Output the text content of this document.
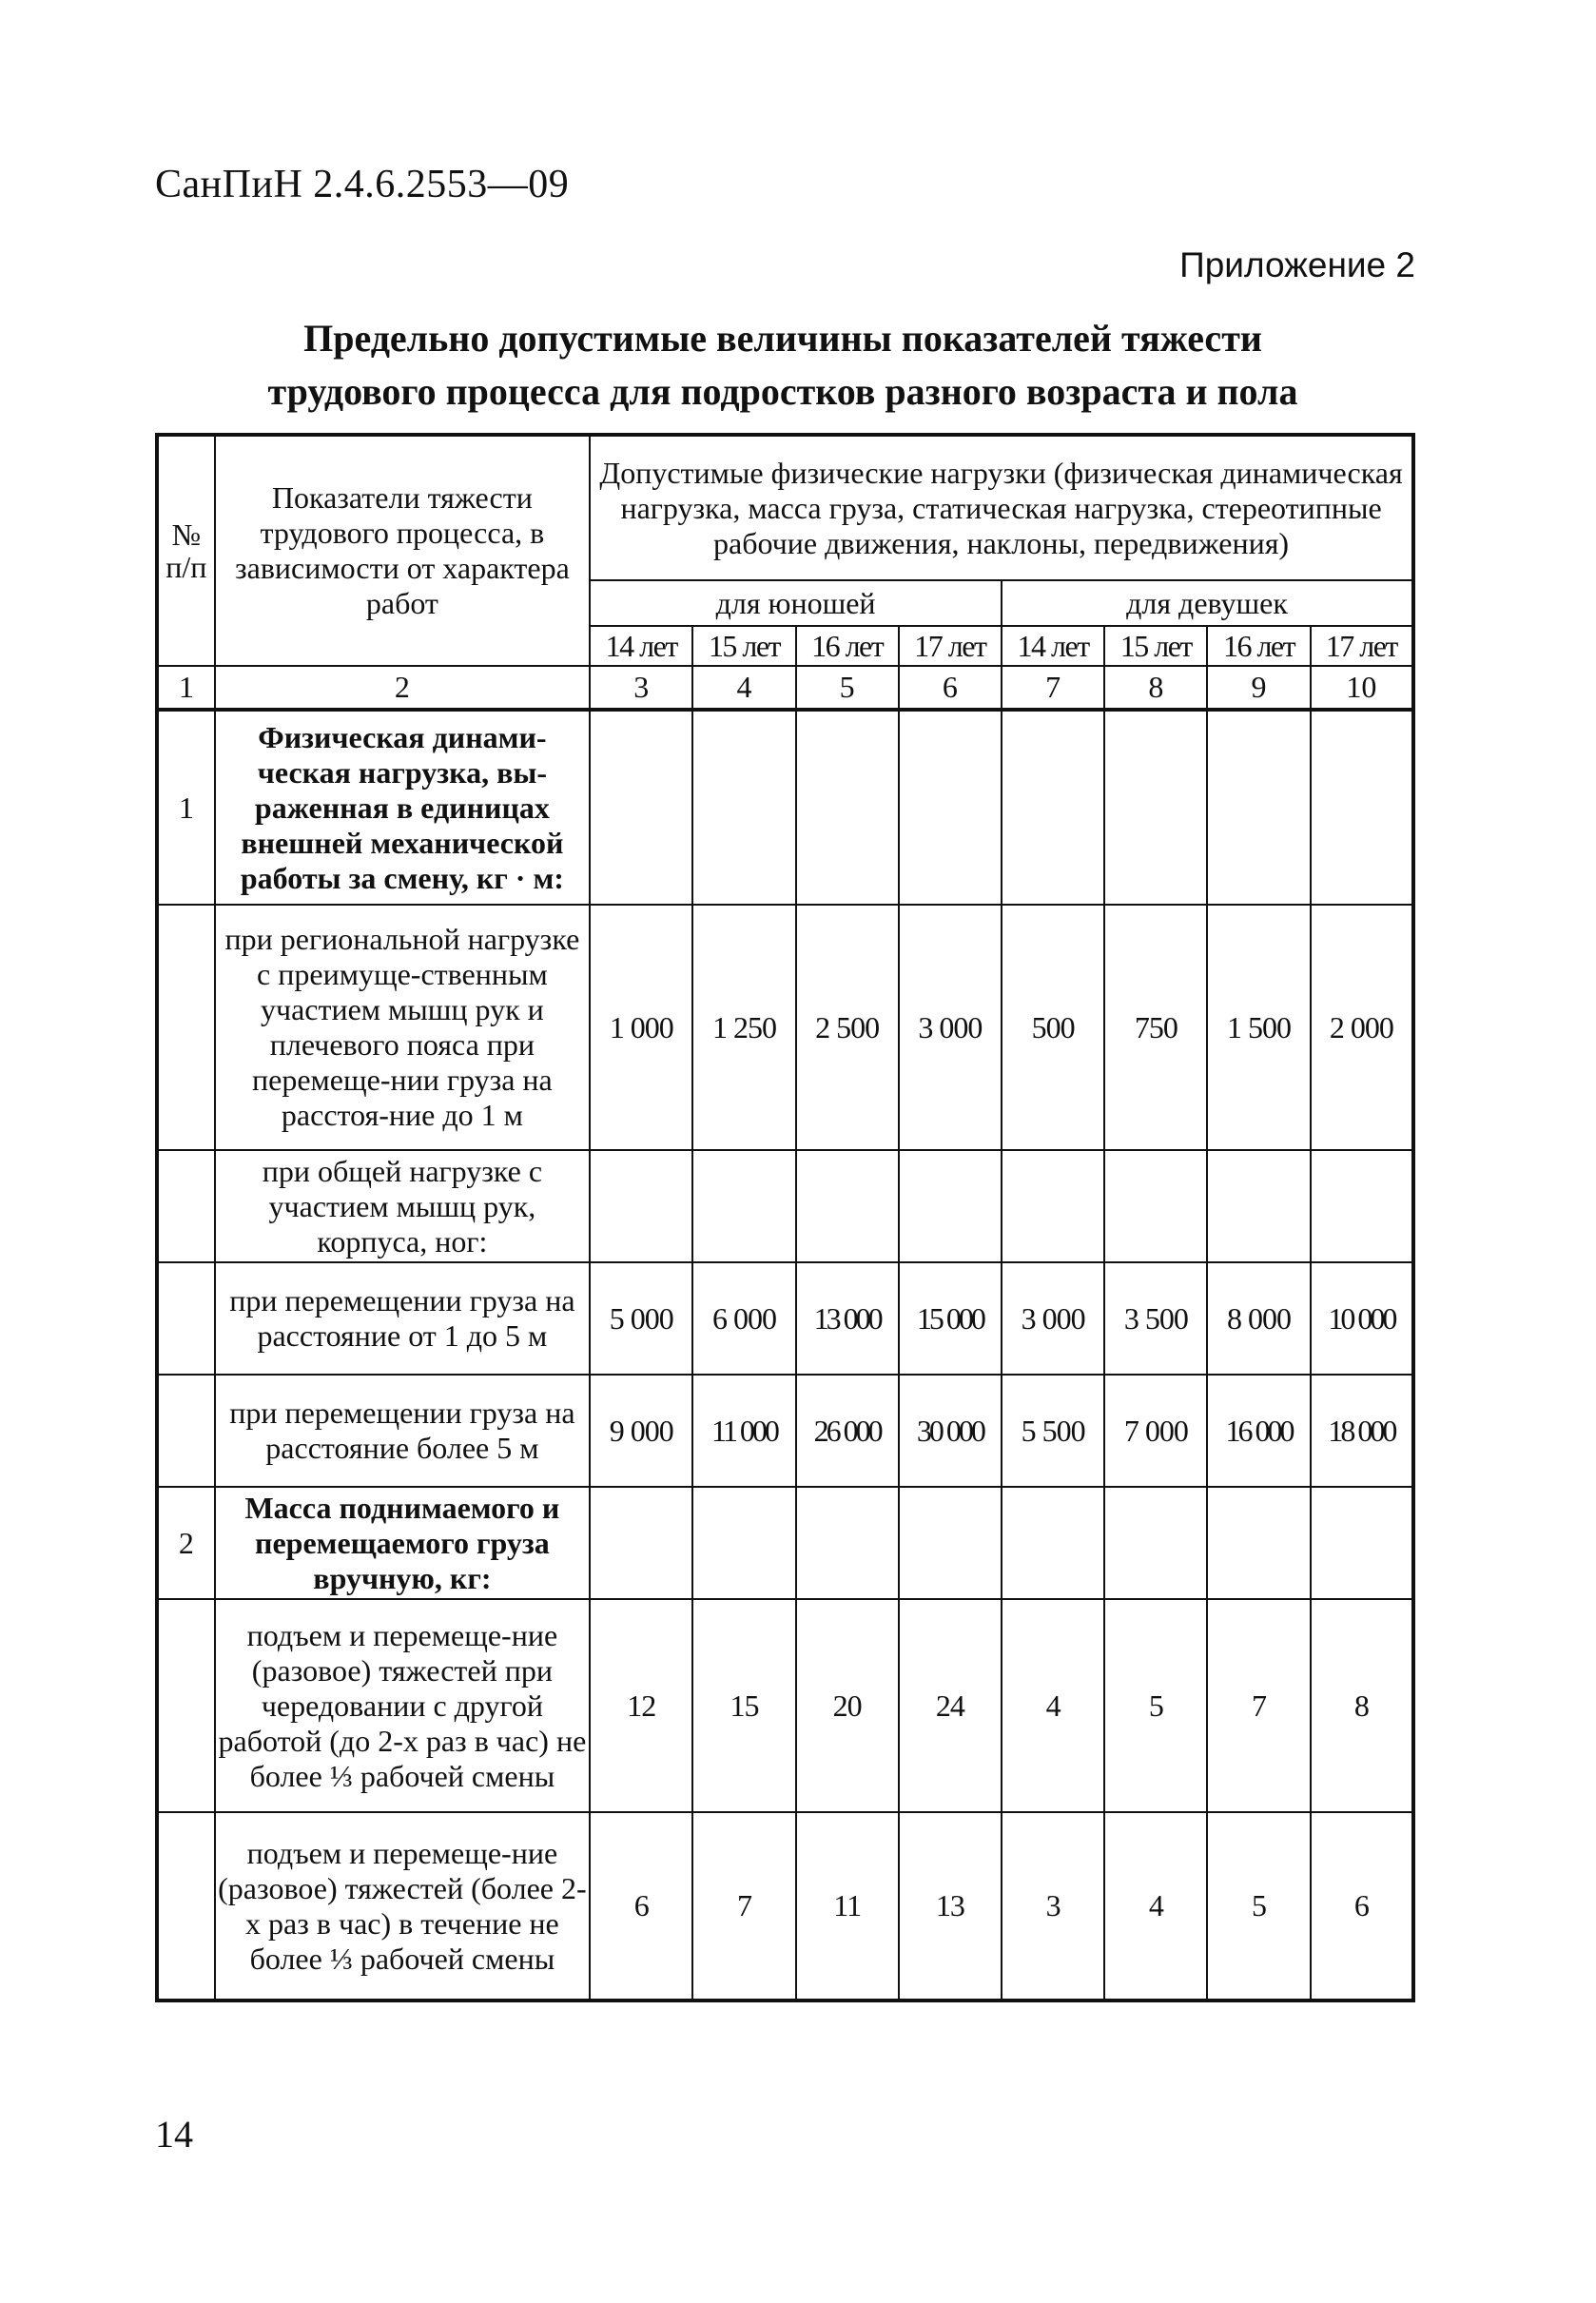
СанПиН 2.4.6.2553—09
Приложение 2
Предельно допустимые величины показателей тяжести
трудового процесса для подростков разного возраста и пола
№
п/п	Показатели тяжести трудового процесса, в зависимости от характера работ	Допустимые физические нагрузки (физическая динамическая нагрузка, масса груза, статическая нагрузка, стереотипные рабочие движения, наклоны, передвижения)							
		для юношей				для девушек			
		14 лет	15 лет	16 лет	17 лет	14 лет	15 лет	16 лет	17 лет
1	2	3	4	5	6	7	8	9	10
1	Физическая динами-ческая нагрузка, вы-раженная в единицах внешней механической работы за смену, кг · м:								
	при региональной нагрузке с преимуще-ственным участием мышц рук и плечевого пояса при перемеще-нии груза на расстоя-ние до 1 м	1 000	1 250	2 500	3 000	500	750	1 500	2 000
	при общей нагрузке с участием мышц рук, корпуса, ног:								
	при перемещении груза на расстояние от 1 до 5 м	5 000	6 000	13 000	15 000	3 000	3 500	8 000	10 000
	при перемещении груза на расстояние более 5 м	9 000	11 000	26 000	30 000	5 500	7 000	16 000	18 000
2	Масса поднимаемого и перемещаемого груза вручную, кг:								
	подъем и перемеще-ние (разовое) тяжестей при чередовании с другой работой (до 2-х раз в час) не более ⅓ рабочей смены	12	15	20	24	4	5	7	8
	подъем и перемеще-ние (разовое) тяжестей (более 2-х раз в час) в течение не более ⅓ рабочей смены	6	7	11	13	3	4	5	6
14
